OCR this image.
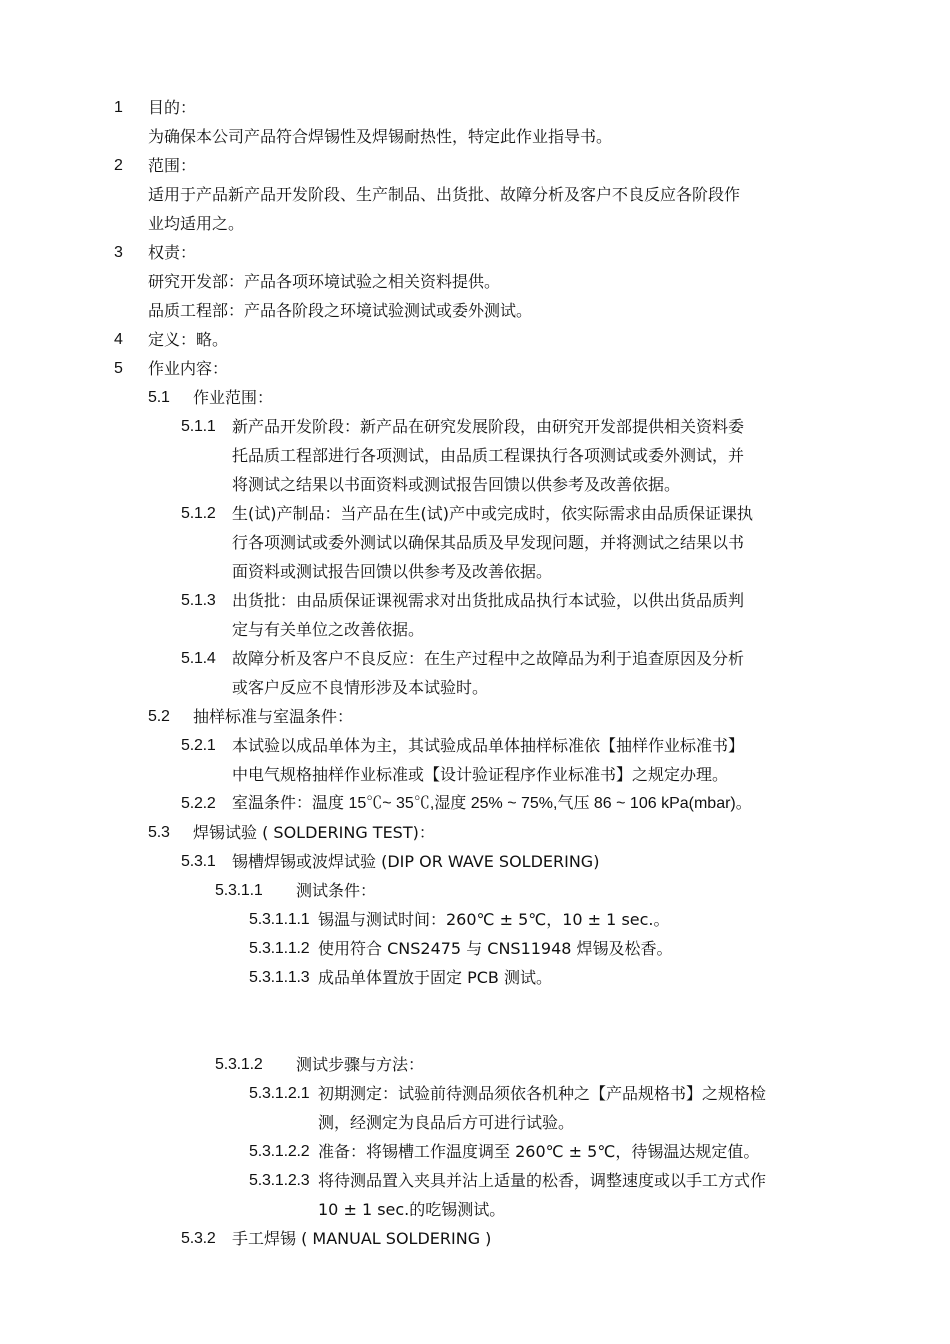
1 目的：
为确保本公司产品符合焊锡性及焊锡耐热性，特定此作业指导书。
2 范围：
适用于产品新产品开发阶段、生产制品、出货批、故障分析及客户不良反应各阶段作
业均适用之。
3 权责：
研究开发部：产品各项环境试验之相关资料提供。
品质工程部：产品各阶段之环境试验测试或委外测试。
4 定义：略。
5 作业内容：
5.1 作业范围：
5.1.1 新产品开发阶段：新产品在研究发展阶段，由研究开发部提供相关资料委
托品质工程部进行各项测试，由品质工程课执行各项测试或委外测试，并
将测试之结果以书面资料或测试报告回馈以供参考及改善依据。
5.1.2 生(试)产制品：当产品在生(试)产中或完成时，依实际需求由品质保证课执
行各项测试或委外测试以确保其品质及早发现问题，并将测试之结果以书
面资料或测试报告回馈以供参考及改善依据。
5.1.3 出货批：由品质保证课视需求对出货批成品执行本试验，以供出货品质判
定与有关单位之改善依据。
5.1.4 故障分析及客户不良反应：在生产过程中之故障品为利于追查原因及分析
或客户反应不良情形涉及本试验时。
5.2 抽样标准与室温条件：
5.2.1 本试验以成品单体为主，其试验成品单体抽样标准依【抽样作业标准书】
中电气规格抽样作业标准或【设计验证程序作业标准书】之规定办理。
5.2.2 室温条件：温度 15℃~ 35℃,湿度 25% ~ 75%,气压 86 ~ 106 kPa(mbar)。
5.3 焊锡试验 ( SOLDERING TEST)：
5.3.1 锡槽焊锡或波焊试验 (DIP OR WAVE SOLDERING)
5.3.1.1 测试条件：
5.3.1.1.1 锡温与测试时间：260℃ ± 5℃，10 ± 1 sec.。
5.3.1.1.2 使用符合 CNS2475 与 CNS11948 焊锡及松香。
5.3.1.1.3 成品单体置放于固定 PCB 测试。
5.3.1.2 测试步骤与方法：
5.3.1.2.1 初期测定：试验前待测品须依各机种之【产品规格书】之规格检
测，经测定为良品后方可进行试验。
5.3.1.2.2 准备：将锡槽工作温度调至 260℃ ± 5℃，待锡温达规定值。
5.3.1.2.3 将待测品置入夹具并沾上适量的松香，调整速度或以手工方式作
10 ± 1 sec.的吃锡测试。
5.3.2 手工焊锡 ( MANUAL SOLDERING )
